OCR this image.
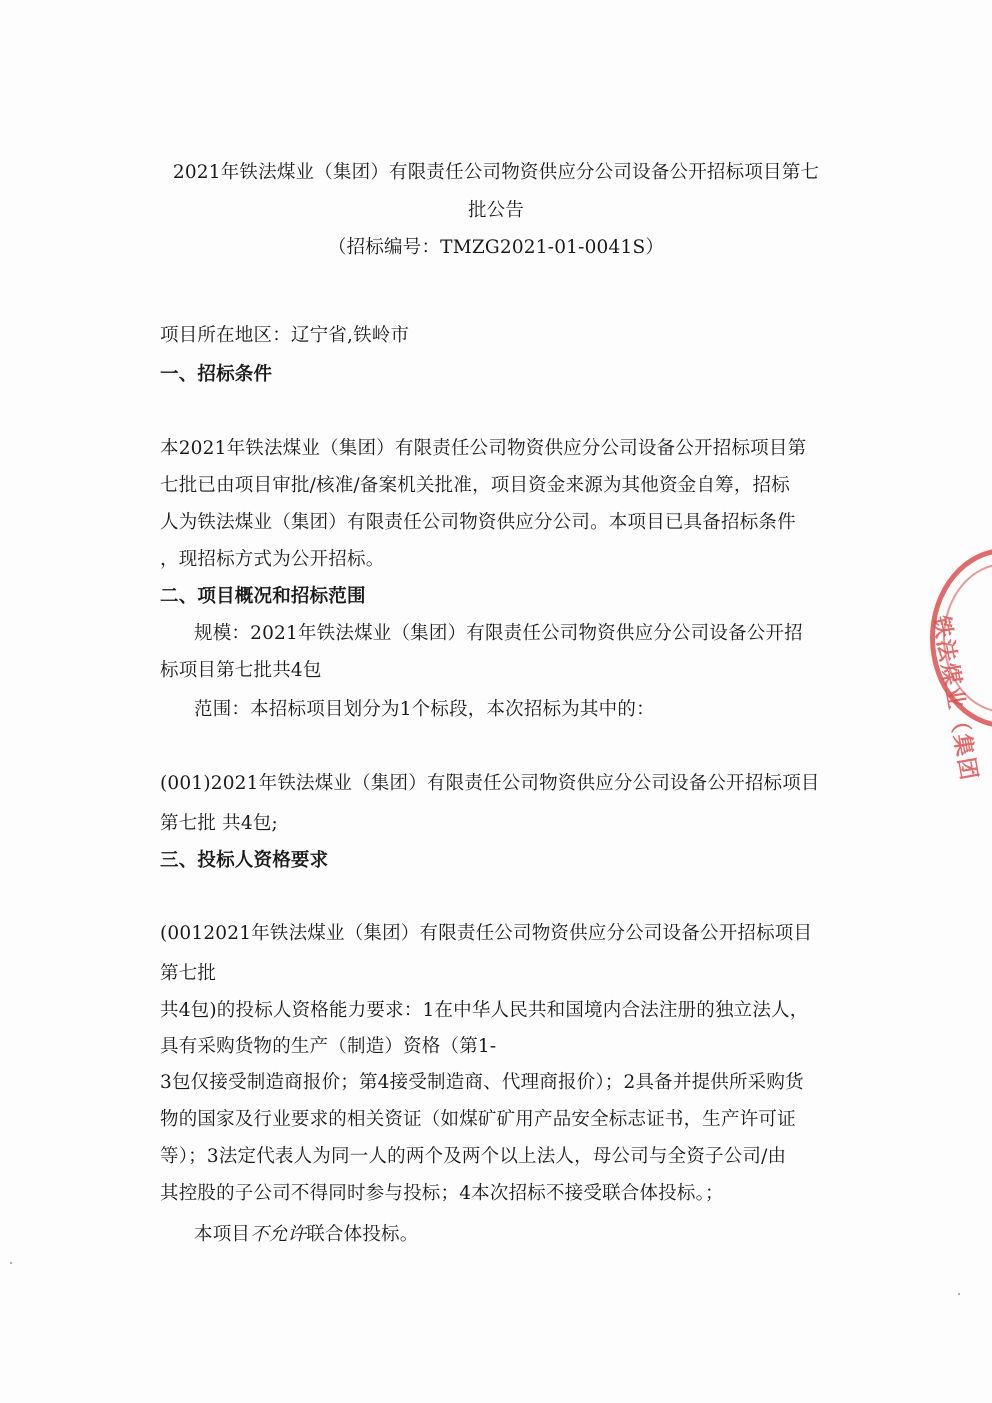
2021年铁法煤业（集团）有限责任公司物资供应分公司设备公开招标项目第七
批公告
（招标编号：TMZG2021-01-0041S）
项目所在地区：辽宁省,铁岭市
一、招标条件
本2021年铁法煤业（集团）有限责任公司物资供应分公司设备公开招标项目第
七批已由项目审批/核准/备案机关批准，项目资金来源为其他资金自筹，招标
人为铁法煤业（集团）有限责任公司物资供应分公司。本项目已具备招标条件
，现招标方式为公开招标。
二、项目概况和招标范围
规模：2021年铁法煤业（集团）有限责任公司物资供应分公司设备公开招
标项目第七批共4包
范围：本招标项目划分为1个标段，本次招标为其中的：
(001)2021年铁法煤业（集团）有限责任公司物资供应分公司设备公开招标项目
第七批 共4包;
三、投标人资格要求
(0012021年铁法煤业（集团）有限责任公司物资供应分公司设备公开招标项目
第七批
共4包)的投标人资格能力要求：1在中华人民共和国境内合法注册的独立法人，
具有采购货物的生产（制造）资格（第1-
3包仅接受制造商报价；第4接受制造商、代理商报价）；2具备并提供所采购货
物的国家及行业要求的相关资证（如煤矿矿用产品安全标志证书，生产许可证
等）；3法定代表人为同一人的两个及两个以上法人，母公司与全资子公司/由
其控股的子公司不得同时参与投标；4本次招标不接受联合体投标。；
本项目不允许联合体投标。
铁法煤业（集团
